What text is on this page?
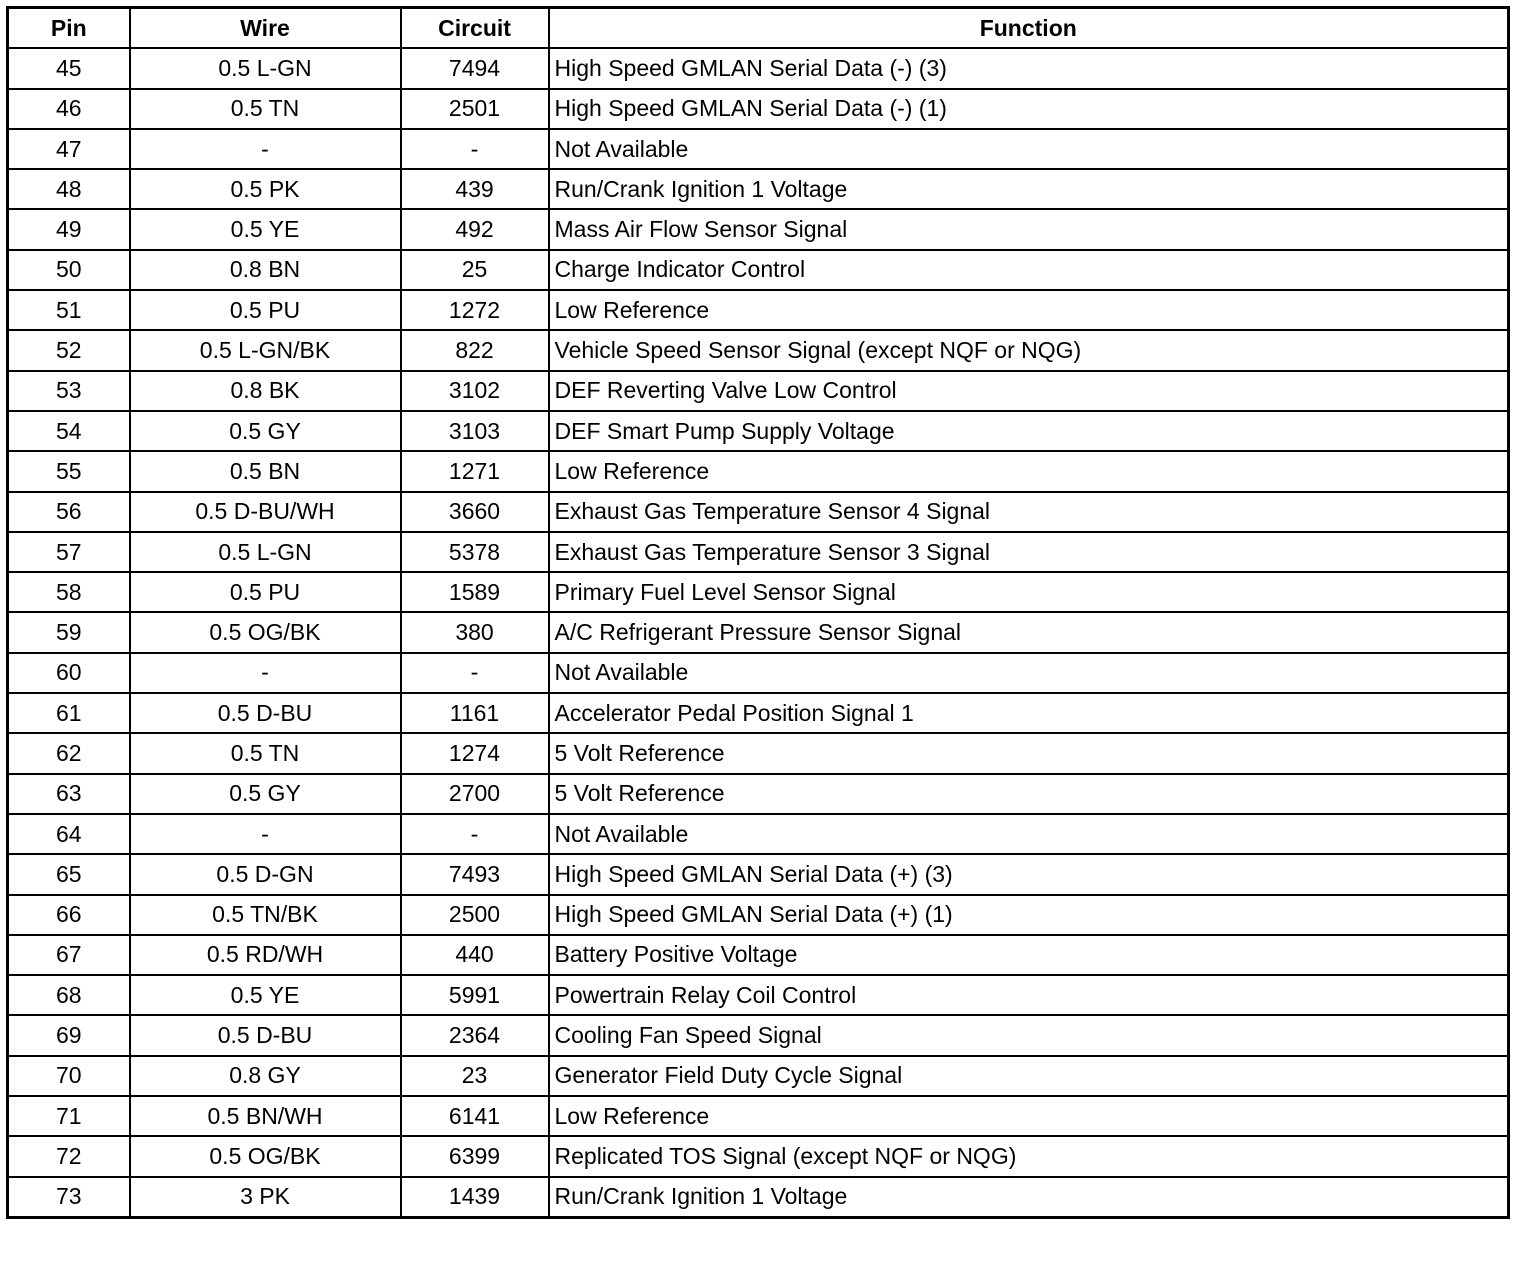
Pin	Wire	Circuit	Function
45	0.5 L-GN	7494	High Speed GMLAN Serial Data (-) (3)
46	0.5 TN	2501	High Speed GMLAN Serial Data (-) (1)
47	-	-	Not Available
48	0.5 PK	439	Run/Crank Ignition 1 Voltage
49	0.5 YE	492	Mass Air Flow Sensor Signal
50	0.8 BN	25	Charge Indicator Control
51	0.5 PU	1272	Low Reference
52	0.5 L-GN/BK	822	Vehicle Speed Sensor Signal (except NQF or NQG)
53	0.8 BK	3102	DEF Reverting Valve Low Control
54	0.5 GY	3103	DEF Smart Pump Supply Voltage
55	0.5 BN	1271	Low Reference
56	0.5 D-BU/WH	3660	Exhaust Gas Temperature Sensor 4 Signal
57	0.5 L-GN	5378	Exhaust Gas Temperature Sensor 3 Signal
58	0.5 PU	1589	Primary Fuel Level Sensor Signal
59	0.5 OG/BK	380	A/C Refrigerant Pressure Sensor Signal
60	-	-	Not Available
61	0.5 D-BU	1161	Accelerator Pedal Position Signal 1
62	0.5 TN	1274	5 Volt Reference
63	0.5 GY	2700	5 Volt Reference
64	-	-	Not Available
65	0.5 D-GN	7493	High Speed GMLAN Serial Data (+) (3)
66	0.5 TN/BK	2500	High Speed GMLAN Serial Data (+) (1)
67	0.5 RD/WH	440	Battery Positive Voltage
68	0.5 YE	5991	Powertrain Relay Coil Control
69	0.5 D-BU	2364	Cooling Fan Speed Signal
70	0.8 GY	23	Generator Field Duty Cycle Signal
71	0.5 BN/WH	6141	Low Reference
72	0.5 OG/BK	6399	Replicated TOS Signal (except NQF or NQG)
73	3 PK	1439	Run/Crank Ignition 1 Voltage
